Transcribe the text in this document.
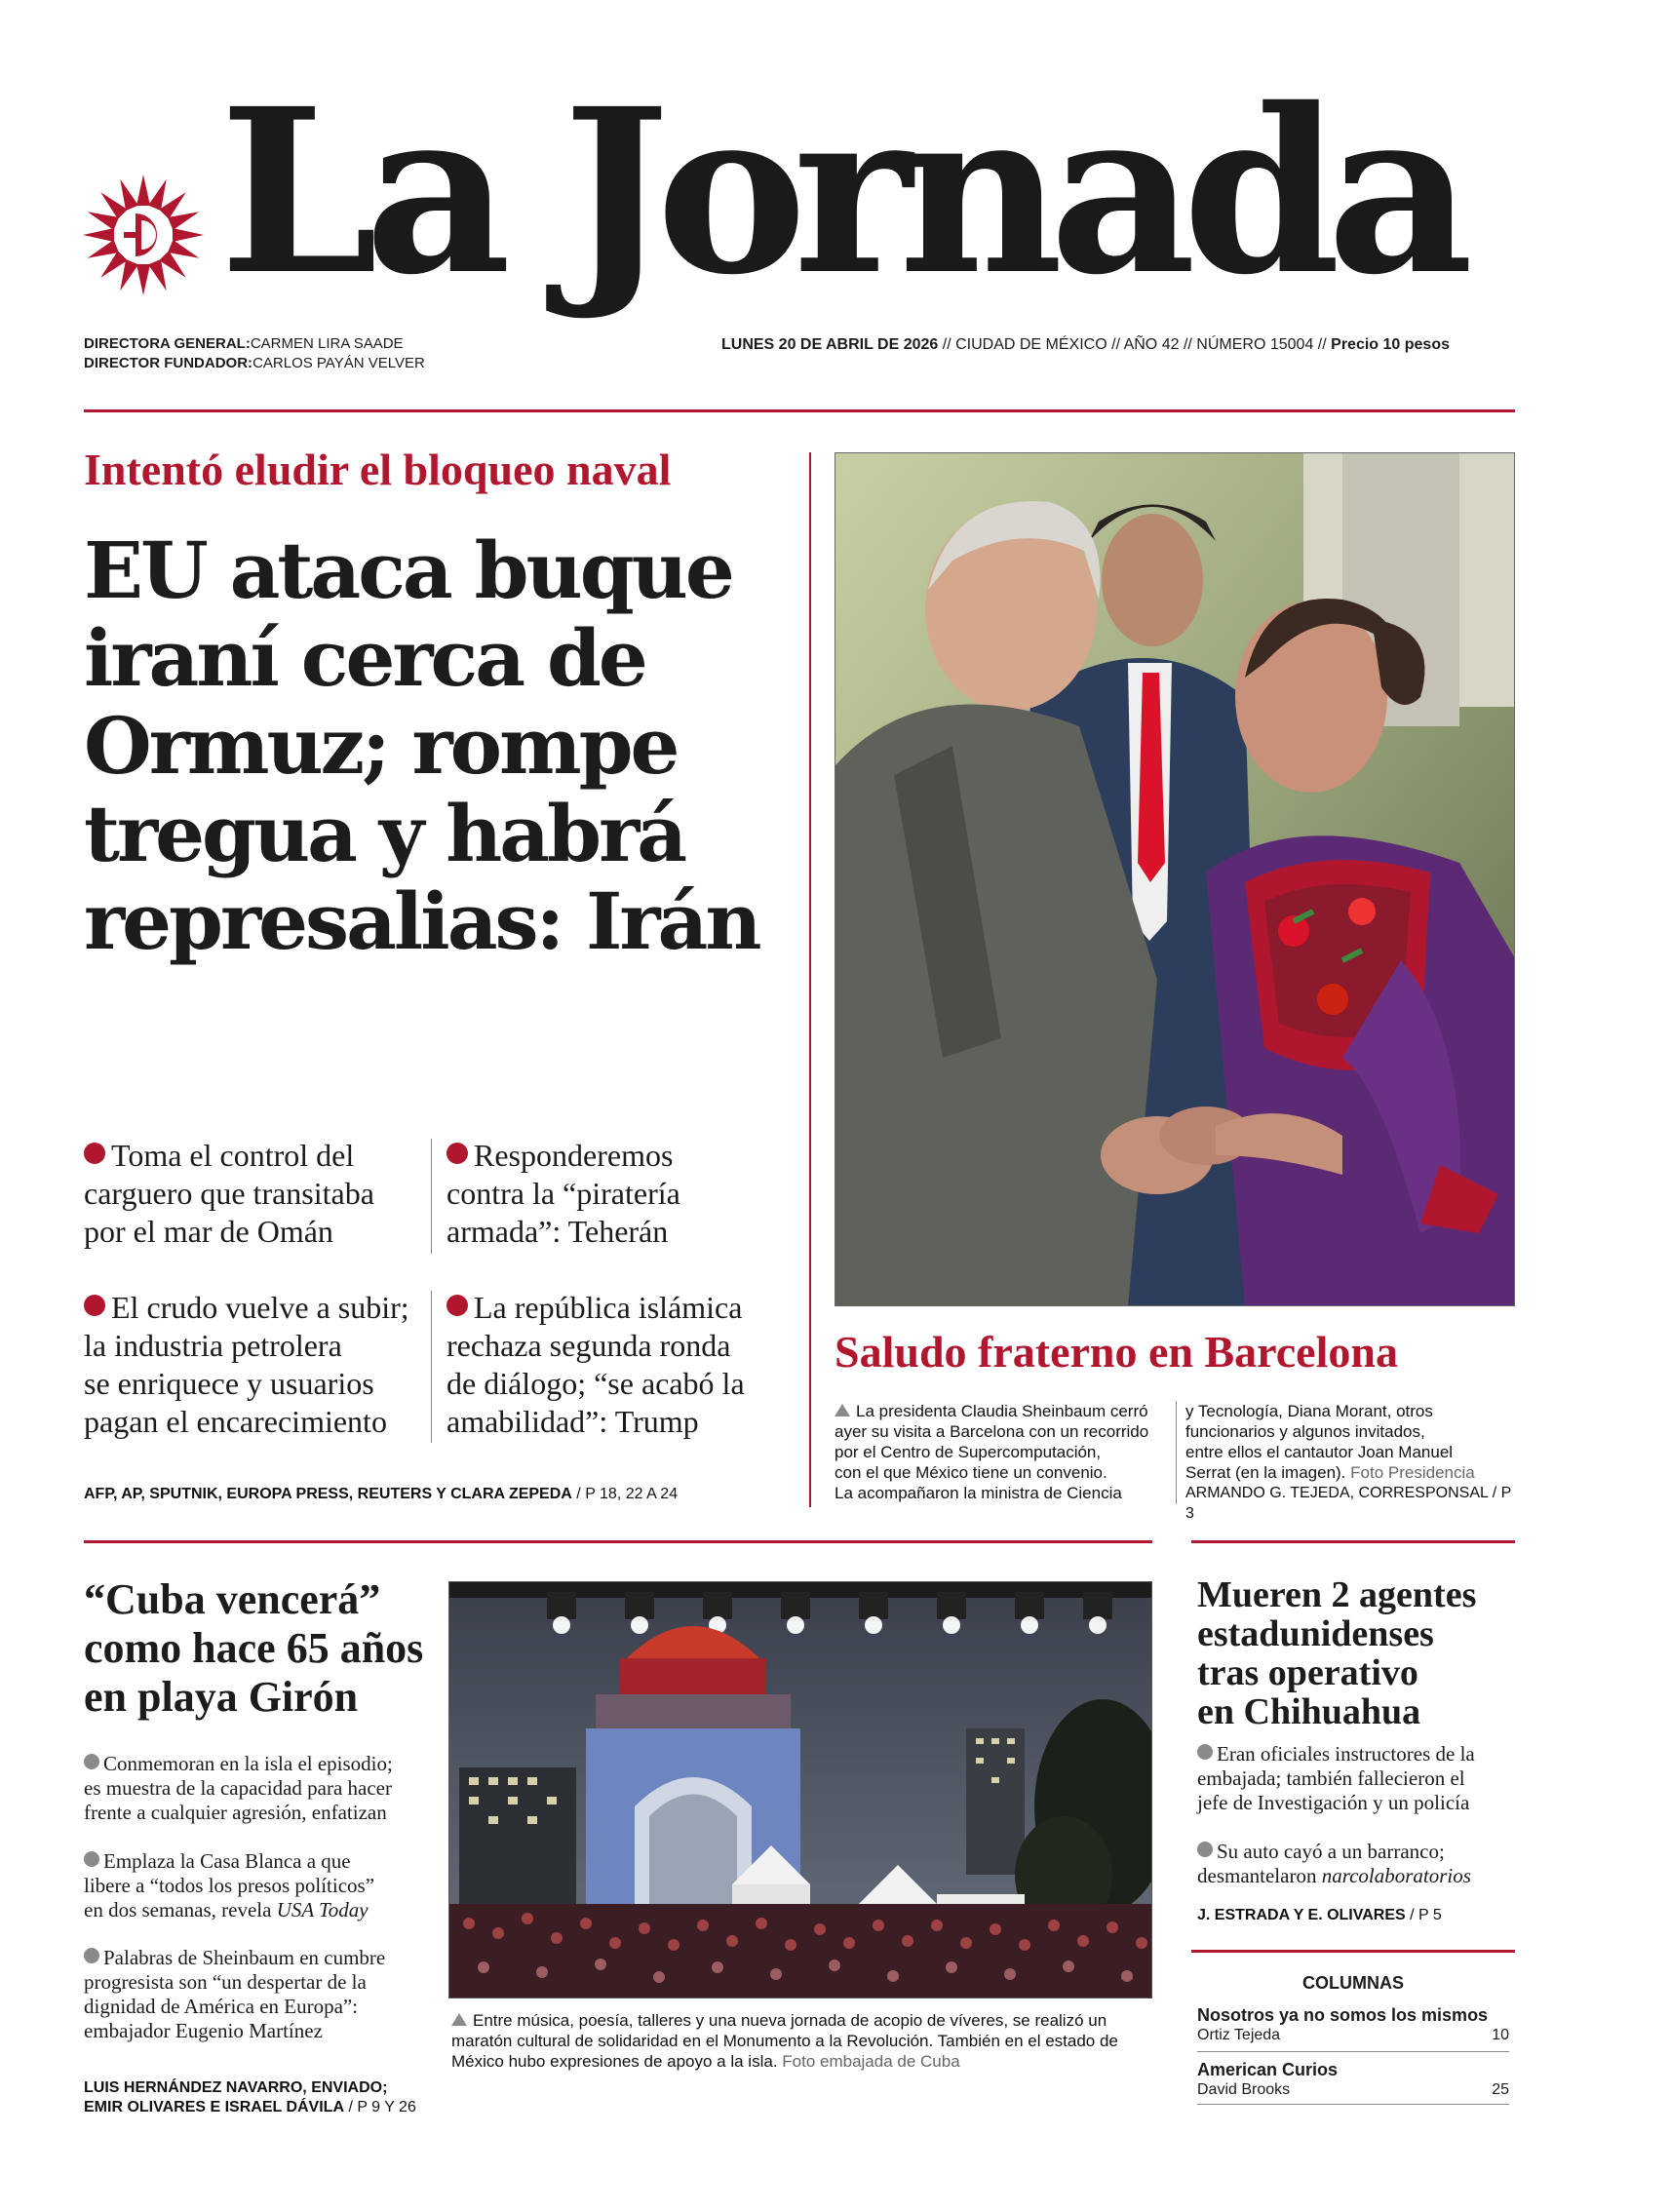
La Jornada
DIRECTORA GENERAL:CARMEN LIRA SAADE
DIRECTOR FUNDADOR:CARLOS PAYÁN VELVER
LUNES 20 DE ABRIL DE 2026 // CIUDAD DE MÉXICO // AÑO 42 // NÚMERO 15004 // Precio 10 pesos
Intentó eludir el bloqueo naval
EU ataca buque
iraní cerca de
Ormuz; rompe
tregua y habrá
represalias: Irán
Toma el control del
carguero que transitaba
por el mar de Omán
Responderemos
contra la “piratería
armada”: Teherán
El crudo vuelve a subir;
la industria petrolera
se enriquece y usuarios
pagan el encarecimiento
La república islámica
rechaza segunda ronda
de diálogo; “se acabó la
amabilidad”: Trump
AFP, AP, SPUTNIK, EUROPA PRESS, REUTERS Y CLARA ZEPEDA / P 18, 22 A 24
Saludo fraterno en Barcelona
La presidenta Claudia Sheinbaum cerró
ayer su visita a Barcelona con un recorrido
por el Centro de Supercomputación,
con el que México tiene un convenio.
La acompañaron la ministra de Ciencia
y Tecnología, Diana Morant, otros
funcionarios y algunos invitados,
entre ellos el cantautor Joan Manuel
Serrat (en la imagen). Foto Presidencia
ARMANDO G. TEJEDA, CORRESPONSAL / P 3
“Cuba vencerá”
como hace 65 años
en playa Girón
Conmemoran en la isla el episodio;
es muestra de la capacidad para hacer
frente a cualquier agresión, enfatizan
Emplaza la Casa Blanca a que
libere a “todos los presos políticos”
en dos semanas, revela USA Today
Palabras de Sheinbaum en cumbre
progresista son “un despertar de la
dignidad de América en Europa”:
embajador Eugenio Martínez
LUIS HERNÁNDEZ NAVARRO, ENVIADO;
EMIR OLIVARES E ISRAEL DÁVILA / P 9 Y 26
Entre música, poesía, talleres y una nueva jornada de acopio de víveres, se realizó un
maratón cultural de solidaridad en el Monumento a la Revolución. También en el estado de
México hubo expresiones de apoyo a la isla. Foto embajada de Cuba
Mueren 2 agentes
estadunidenses
tras operativo
en Chihuahua
Eran oficiales instructores de la
embajada; también fallecieron el
jefe de Investigación y un policía
Su auto cayó a un barranco;
desmantelaron narcolaboratorios
J. ESTRADA Y E. OLIVARES / P 5
COLUMNAS
Nosotros ya no somos los mismos
Ortiz Tejeda	10
American Curios
David Brooks	25
